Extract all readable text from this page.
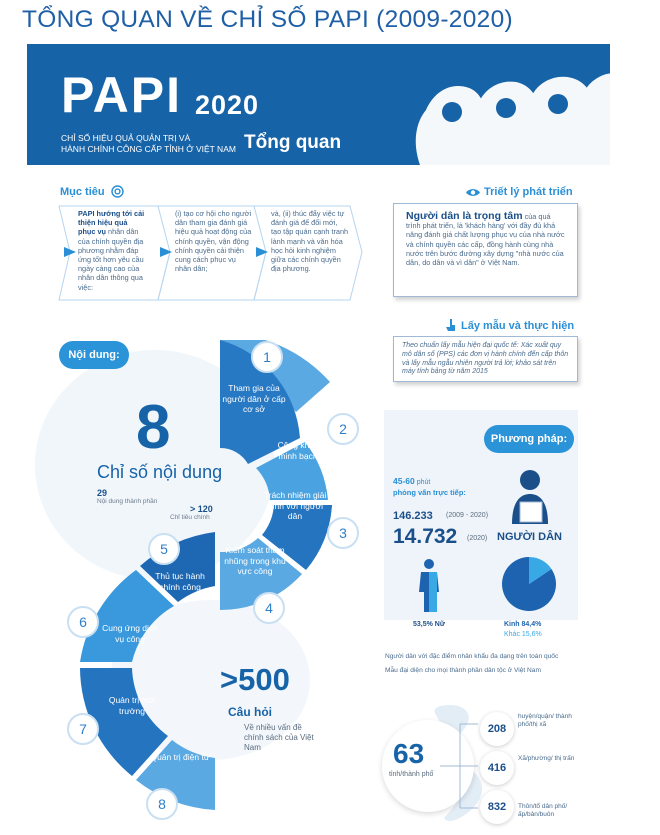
TỔNG QUAN VỀ CHỈ SỐ PAPI (2009-2020)
PAPI 2020
CHỈ SỐ HIỆU QUẢ QUẢN TRỊ VÀ
HÀNH CHÍNH CÔNG CẤP TỈNH Ở VIỆT NAM Tổng quan
Mục tiêu
PAPI hướng tới cải thiện hiệu quả phục vụ nhân dân của chính quyền địa phương nhằm đáp ứng tốt hơn yêu cầu ngày càng cao của nhân dân thông qua việc:
(i) tạo cơ hội cho người dân tham gia đánh giá hiệu quả hoạt động của chính quyền, vận động chính quyền cải thiện cung cách phục vụ nhân dân;
và, (ii) thúc đẩy việc tự đánh giá để đổi mới, tạo tập quán cạnh tranh lành mạnh và văn hóa học hỏi kinh nghiệm giữa các chính quyền địa phương.
Triết lý phát triển
Người dân là trọng tâm của quá trình phát triển, là 'khách hàng' với đầy đủ khả năng đánh giá chất lượng phục vụ của nhà nước và chính quyền các cấp, đồng hành cùng nhà nước trên bước đường xây dựng "nhà nước của dân, do dân và vì dân" ở Việt Nam.
Lấy mẫu và thực hiện
Theo chuẩn lấy mẫu hiện đại quốc tế: Xác xuất quy mô dân số (PPS) các đơn vị hành chính đến cấp thôn và lấy mẫu ngẫu nhiên người trả lời; khảo sát trên máy tính bảng từ năm 2015
Nội dung:
8
Chỉ số nội dung
29
Nội dung thành phần
> 120
Chỉ tiêu chính
Tham gia của người dân ở cấp cơ sở
Công khai, minh bạch
Trách nhiệm giải trình với người dân
Kiểm soát tham nhũng trong khu vực công
Thủ tục hành chính công
Cung ứng dịch vụ công
Quản trị môi trường
Quản trị điện tử
1
2
3
4
5
6
7
8
>500
Câu hỏi
Về nhiều vấn đề chính sách của Việt Nam
Phương pháp:
45-60 phút
phỏng vấn trực tiếp:
146.233 (2009 - 2020)
14.732 (2020) NGƯỜI DÂN
53,5% Nữ	Kinh 84,4%
Khác 15,6%
Người dân với đặc điểm nhân khẩu đa dạng trên toàn quốc
Mẫu đại diện cho mọi thành phần dân tộc ở Việt Nam
63
tỉnh/thành phố
208
huyện/quận/ thành phố/thị xã
416
Xã/phường/ thị trấn
832	Thôn/tổ dân phố/ ấp/bản/buôn
